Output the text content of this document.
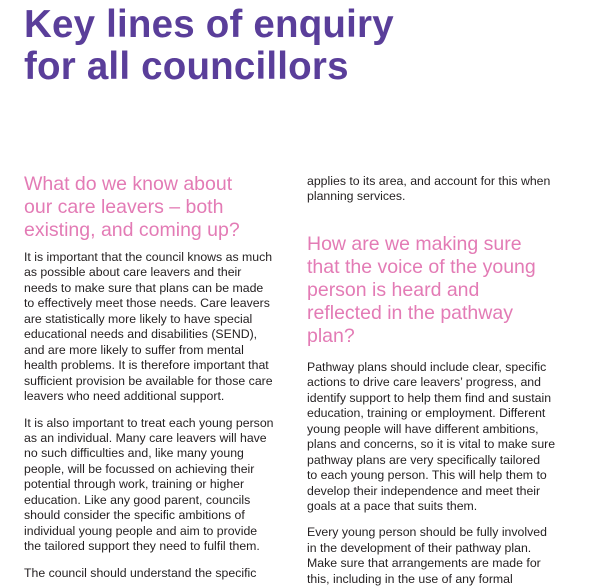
Key lines of enquiry
for all councillors
What do we know about
our care leavers – both
existing, and coming up?

It is important that the council knows as much
as possible about care leavers and their
needs to make sure that plans can be made
to effectively meet those needs. Care leavers
are statistically more likely to have special
educational needs and disabilities (SEND),
and are more likely to suffer from mental
health problems. It is therefore important that
sufficient provision be available for those care
leavers who need additional support.

It is also important to treat each young person
as an individual. Many care leavers will have
no such difficulties and, like many young
people, will be focussed on achieving their
potential through work, training or higher
education. Like any good parent, councils
should consider the specific ambitions of
individual young people and aim to provide
the tailored support they need to fulfil them.

The council should understand the specific

applies to its area, and account for this when
planning services.

How are we making sure
that the voice of the young
person is heard and
reflected in the pathway
plan?

Pathway plans should include clear, specific
actions to drive care leavers’ progress, and
identify support to help them find and sustain
education, training or employment. Different
young people will have different ambitions,
plans and concerns, so it is vital to make sure
pathway plans are very specifically tailored
to each young person. This will help them to
develop their independence and meet their
goals at a pace that suits them.

Every young person should be fully involved
in the development of their pathway plan.
Make sure that arrangements are made for
this, including in the use of any formal
